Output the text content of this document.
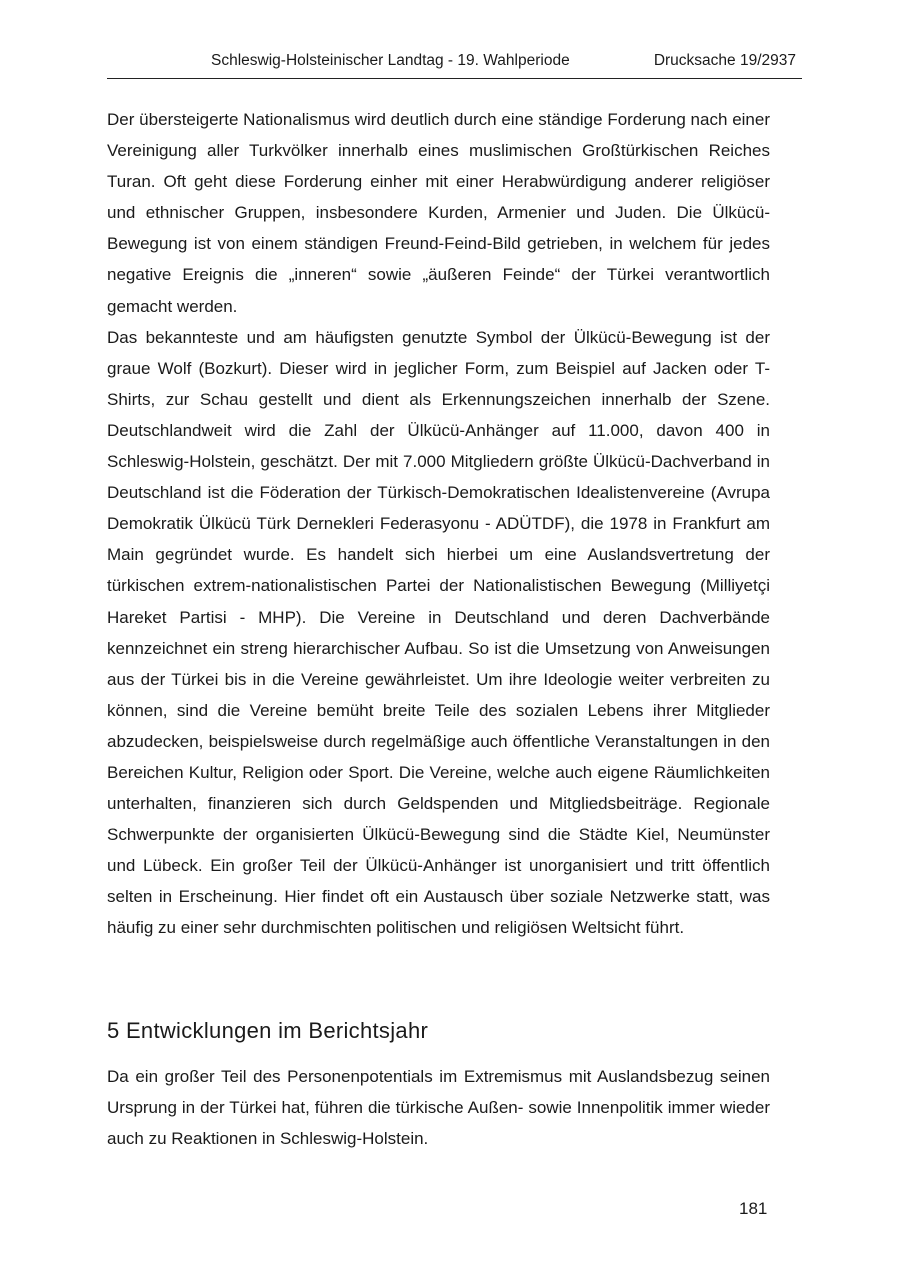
Schleswig-Holsteinischer Landtag - 19. Wahlperiode	Drucksache 19/2937

Der übersteigerte Nationalismus wird deutlich durch eine ständige Forderung nach einer Vereinigung aller Turkvölker innerhalb eines muslimischen Großtürkischen Reiches Turan. Oft geht diese Forderung einher mit einer Herabwürdigung anderer religiöser und ethnischer Gruppen, insbesondere Kurden, Armenier und Juden. Die Ülkücü-Bewegung ist von einem ständigen Freund-Feind-Bild getrieben, in welchem für jedes negative Ereignis die „inneren“ sowie „äußeren Feinde“ der Türkei verantwortlich gemacht werden.

Das bekannteste und am häufigsten genutzte Symbol der Ülkücü-Bewegung ist der graue Wolf (Bozkurt). Dieser wird in jeglicher Form, zum Beispiel auf Jacken oder T-Shirts, zur Schau gestellt und dient als Erkennungszeichen innerhalb der Szene. Deutschlandweit wird die Zahl der Ülkücü-Anhänger auf 11.000, davon 400 in Schleswig-Holstein, geschätzt. Der mit 7.000 Mitgliedern größte Ülkücü-Dachverband in Deutschland ist die Föderation der Türkisch-Demokratischen Idealistenvereine (Avrupa Demokratik Ülkücü Türk Dernekleri Federasyonu - ADÜTDF), die 1978 in Frankfurt am Main gegründet wurde. Es handelt sich hierbei um eine Auslandsvertretung der türkischen extrem-nationalistischen Partei der Nationalistischen Bewegung (Milliyetçi Hareket Partisi - MHP). Die Vereine in Deutschland und deren Dachverbände kennzeichnet ein streng hierarchischer Aufbau. So ist die Umsetzung von Anweisungen aus der Türkei bis in die Vereine gewährleistet. Um ihre Ideologie weiter verbreiten zu können, sind die Vereine bemüht breite Teile des sozialen Lebens ihrer Mitglieder abzudecken, beispielsweise durch regelmäßige auch öffentliche Veranstaltungen in den Bereichen Kultur, Religion oder Sport. Die Vereine, welche auch eigene Räumlichkeiten unterhalten, finanzieren sich durch Geldspenden und Mitgliedsbeiträge. Regionale Schwerpunkte der organisierten Ülkücü-Bewegung sind die Städte Kiel, Neumünster und Lübeck. Ein großer Teil der Ülkücü-Anhänger ist unorganisiert und tritt öffentlich selten in Erscheinung. Hier findet oft ein Austausch über soziale Netzwerke statt, was häufig zu einer sehr durchmischten politischen und religiösen Weltsicht führt.

5 Entwicklungen im Berichtsjahr

Da ein großer Teil des Personenpotentials im Extremismus mit Auslandsbezug seinen Ursprung in der Türkei hat, führen die türkische Außen- sowie Innenpolitik immer wieder auch zu Reaktionen in Schleswig-Holstein.

181
